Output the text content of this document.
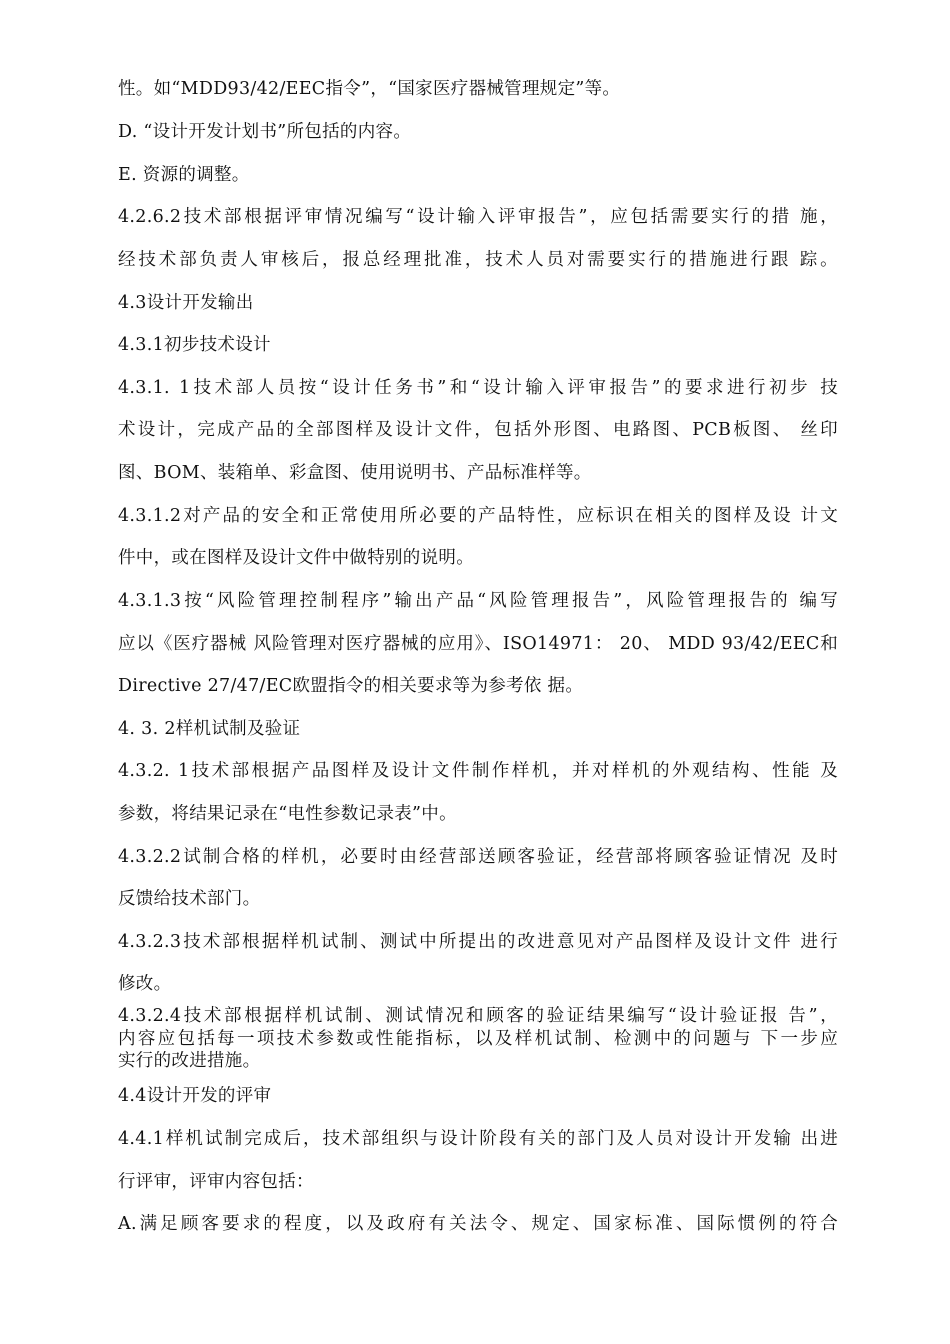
性。如“MDD93/42/EEC指令”，“国家医疗器械管理规定”等。
D. “设计开发计划书”所包括的内容。
E. 资源的调整。
4.2.6.2技术部根据评审情况编写“设计输入评审报告”，应包括需要实行的措 施，
经技术部负责人审核后，报总经理批准，技术人员对需要实行的措施进行跟 踪。
4.3设计开发输出
4.3.1初步技术设计
4.3.1. 1技术部人员按“设计任务书”和“设计输入评审报告”的要求进行初步 技
术设计，完成产品的全部图样及设计文件，包括外形图、电路图、PCB板图、 丝印
图、BOM、装箱单、彩盒图、使用说明书、产品标准样等。
4.3.1.2对产品的安全和正常使用所必要的产品特性，应标识在相关的图样及设 计文
件中，或在图样及设计文件中做特别的说明。
4.3.1.3按“风险管理控制程序”输出产品“风险管理报告”，风险管理报告的 编写
应以《医疗器械 风险管理对医疗器械的应用》、ISO14971： 20、 MDD 93/42/EEC和
Directive 27/47/EC欧盟指令的相关要求等为参考依 据。
4. 3. 2样机试制及验证
4.3.2. 1技术部根据产品图样及设计文件制作样机，并对样机的外观结构、性能 及
参数，将结果记录在“电性参数记录表”中。
4.3.2.2试制合格的样机，必要时由经营部送顾客验证，经营部将顾客验证情况 及时
反馈给技术部门。
4.3.2.3技术部根据样机试制、测试中所提出的改进意见对产品图样及设计文件 进行
修改。
4.3.2.4技术部根据样机试制、测试情况和顾客的验证结果编写“设计验证报 告”，
内容应包括每一项技术参数或性能指标，以及样机试制、检测中的问题与 下一步应
实行的改进措施。
4.4设计开发的评审
4.4.1样机试制完成后，技术部组织与设计阶段有关的部门及人员对设计开发输 出进
行评审，评审内容包括：
A.满足顾客要求的程度，以及政府有关法令、规定、国家标准、国际惯例的符合
